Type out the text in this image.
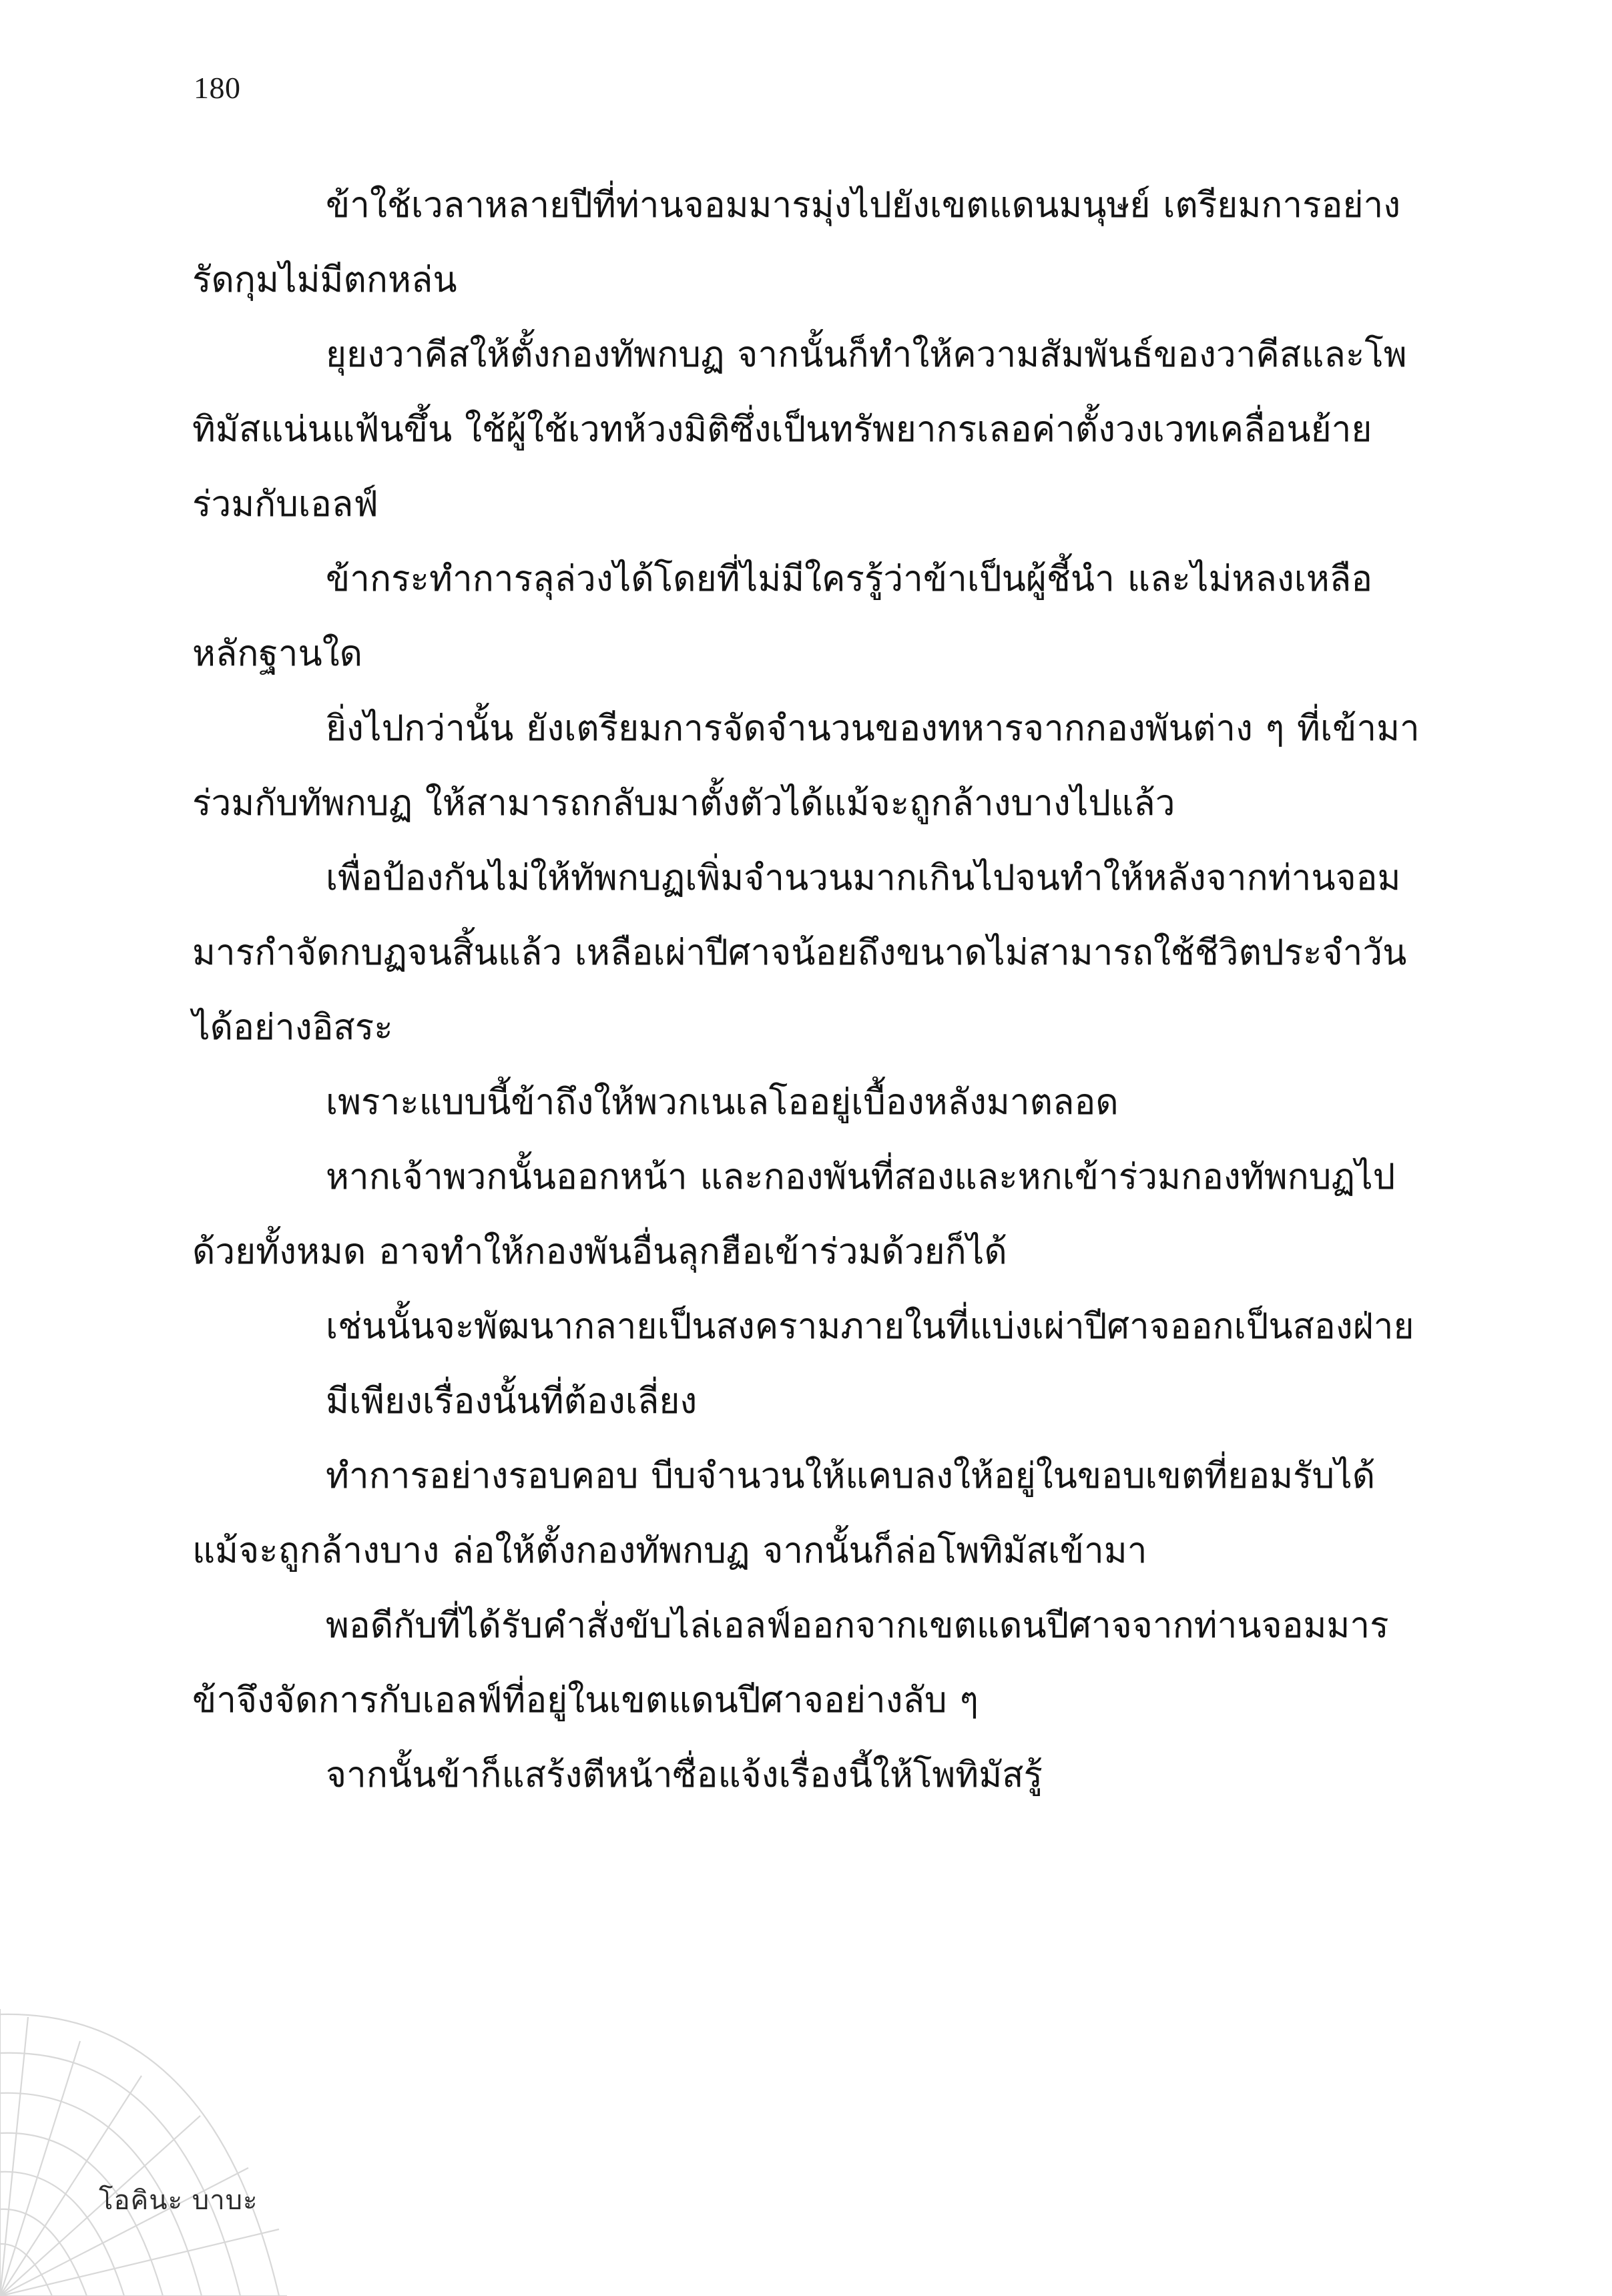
180

ข้าใช้เวลาหลายปีที่ท่านจอมมารมุ่งไปยังเขตแดนมนุษย์ เตรียมการอย่างรัดกุมไม่มีตกหล่น

ยุยงวาคีสให้ตั้งกองทัพกบฏ จากนั้นก็ทำให้ความสัมพันธ์ของวาคีสและโพทิมัสแน่นแฟ้นขึ้น ใช้ผู้ใช้เวทห้วงมิติซึ่งเป็นทรัพยากรเลอค่าตั้งวงเวทเคลื่อนย้ายร่วมกับเอลฟ์

ข้ากระทำการลุล่วงได้โดยที่ไม่มีใครรู้ว่าข้าเป็นผู้ชี้นำ และไม่หลงเหลือหลักฐานใด

ยิ่งไปกว่านั้น ยังเตรียมการจัดจำนวนของทหารจากกองพันต่าง ๆ ที่เข้ามาร่วมกับทัพกบฏ ให้สามารถกลับมาตั้งตัวได้แม้จะถูกล้างบางไปแล้ว

เพื่อป้องกันไม่ให้ทัพกบฏเพิ่มจำนวนมากเกินไปจนทำให้หลังจากท่านจอมมารกำจัดกบฏจนสิ้นแล้ว เหลือเผ่าปีศาจน้อยถึงขนาดไม่สามารถใช้ชีวิตประจำวันได้อย่างอิสระ

เพราะแบบนี้ข้าถึงให้พวกเนเลโออยู่เบื้องหลังมาตลอด

หากเจ้าพวกนั้นออกหน้า และกองพันที่สองและหกเข้าร่วมกองทัพกบฏไปด้วยทั้งหมด อาจทำให้กองพันอื่นลุกฮือเข้าร่วมด้วยก็ได้

เช่นนั้นจะพัฒนากลายเป็นสงครามภายในที่แบ่งเผ่าปีศาจออกเป็นสองฝ่าย

มีเพียงเรื่องนั้นที่ต้องเลี่ยง

ทำการอย่างรอบคอบ บีบจำนวนให้แคบลงให้อยู่ในขอบเขตที่ยอมรับได้แม้จะถูกล้างบาง ล่อให้ตั้งกองทัพกบฏ จากนั้นก็ล่อโพทิมัสเข้ามา

พอดีกับที่ได้รับคำสั่งขับไล่เอลฟ์ออกจากเขตแดนปีศาจจากท่านจอมมาร ข้าจึงจัดการกับเอลฟ์ที่อยู่ในเขตแดนปีศาจอย่างลับ ๆ

จากนั้นข้าก็แสร้งตีหน้าซื่อแจ้งเรื่องนี้ให้โพทิมัสรู้

โอคินะ บาบะ
